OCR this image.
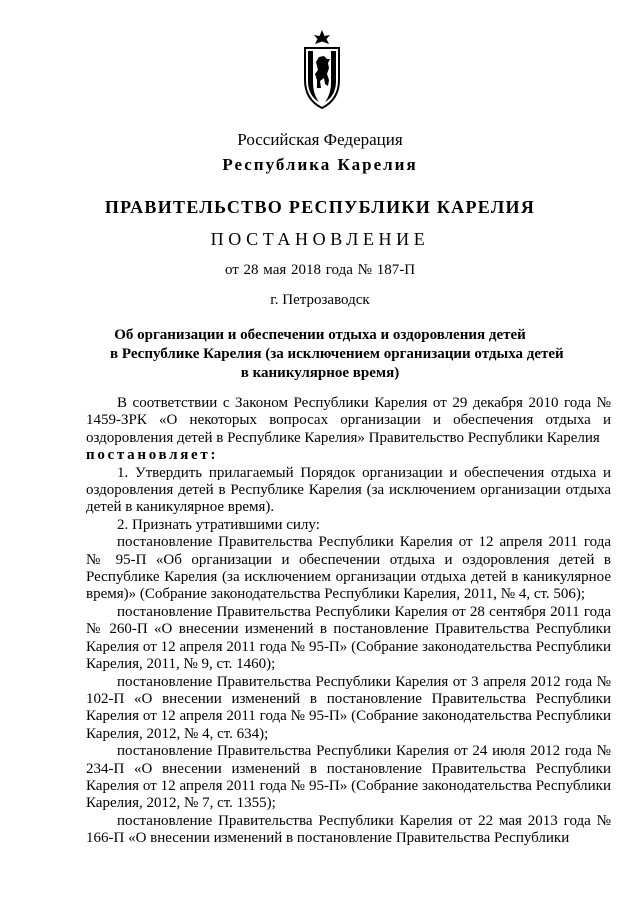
Российская Федерация
Республика Карелия
ПРАВИТЕЛЬСТВО РЕСПУБЛИКИ КАРЕЛИЯ
ПОСТАНОВЛЕНИЕ
от 28 мая 2018 года № 187-П
г. Петрозаводск
Об организации и обеспечении отдыха и оздоровления детей
в Республике Карелия (за исключением организации отдыха детей
в каникулярное время)

В соответствии с Законом Республики Карелия от 29 декабря 2010 года № 1459-ЗРК «О некоторых вопросах организации и обеспечения отдыха и оздоровления детей в Республике Карелия» Правительство Республики Карелия
постановляет:

1. Утвердить прилагаемый Порядок организации и обеспечения отдыха и оздоровления детей в Республике Карелия (за исключением организации отдыха детей в каникулярное время).

2. Признать утратившими силу:

постановление Правительства Республики Карелия от 12 апреля 2011 года № 95-П «Об организации и обеспечении отдыха и оздоровления детей в Республике Карелия (за исключением организации отдыха детей в каникулярное время)» (Собрание законодательства Республики Карелия, 2011, № 4, ст. 506);

постановление Правительства Республики Карелия от 28 сентября 2011 года № 260-П «О внесении изменений в постановление Правительства Республики Карелия от 12 апреля 2011 года № 95-П» (Собрание законодательства Республики Карелия, 2011, № 9, ст. 1460);

постановление Правительства Республики Карелия от 3 апреля 2012 года № 102-П «О внесении изменений в постановление Правительства Республики Карелия от 12 апреля 2011 года № 95-П» (Собрание законодательства Республики Карелия, 2012, № 4, ст. 634);

постановление Правительства Республики Карелия от 24 июля 2012 года № 234-П «О внесении изменений в постановление Правительства Республики Карелия от 12 апреля 2011 года № 95-П» (Собрание законодательства Республики Карелия, 2012, № 7, ст. 1355);

постановление Правительства Республики Карелия от 22 мая 2013 года № 166-П «О внесении изменений в постановление Правительства Республики
